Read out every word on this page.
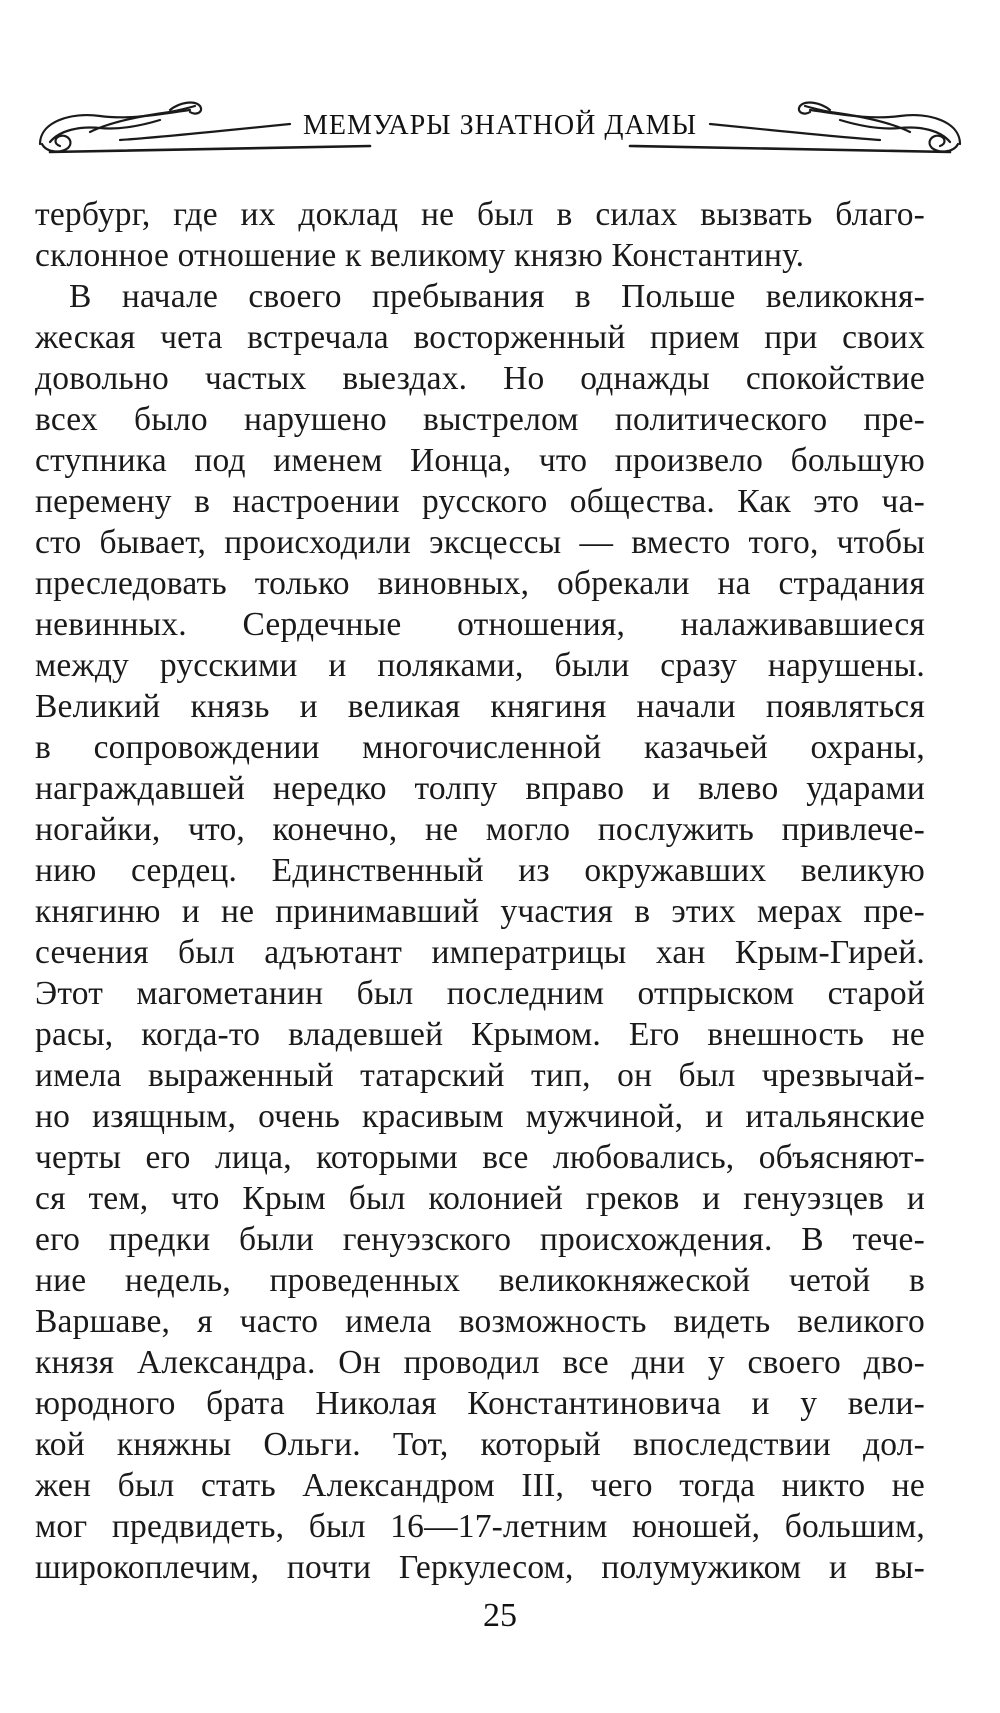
МЕМУАРЫ ЗНАТНОЙ ДАМЫ
тербург, где их доклад не был в силах вызвать благо-
склонное отношение к великому князю Константину.
В начале своего пребывания в Польше великокня-
жеская чета встречала восторженный прием при своих
довольно частых выездах. Но однажды спокойствие
всех было нарушено выстрелом политического пре-
ступника под именем Ионца, что произвело большую
перемену в настроении русского общества. Как это ча-
сто бывает, происходили эксцессы — вместо того, чтобы
преследовать только виновных, обрекали на страдания
невинных. Сердечные отношения, налаживавшиеся
между русскими и поляками, были сразу нарушены.
Великий князь и великая княгиня начали появляться
в сопровождении многочисленной казачьей охраны,
награждавшей нередко толпу вправо и влево ударами
ногайки, что, конечно, не могло послужить привлече-
нию сердец. Единственный из окружавших великую
княгиню и не принимавший участия в этих мерах пре-
сечения был адъютант императрицы хан Крым-Гирей.
Этот магометанин был последним отпрыском старой
расы, когда-то владевшей Крымом. Его внешность не
имела выраженный татарский тип, он был чрезвычай-
но изящным, очень красивым мужчиной, и итальянские
черты его лица, которыми все любовались, объясняют-
ся тем, что Крым был колонией греков и генуэзцев и
его предки были генуэзского происхождения. В тече-
ние недель, проведенных великокняжеской четой в
Варшаве, я часто имела возможность видеть великого
князя Александра. Он проводил все дни у своего дво-
юродного брата Николая Константиновича и у вели-
кой княжны Ольги. Тот, который впоследствии дол-
жен был стать Александром III, чего тогда никто не
мог предвидеть, был 16—17-летним юношей, большим,
широкоплечим, почти Геркулесом, полумужиком и вы-
25
